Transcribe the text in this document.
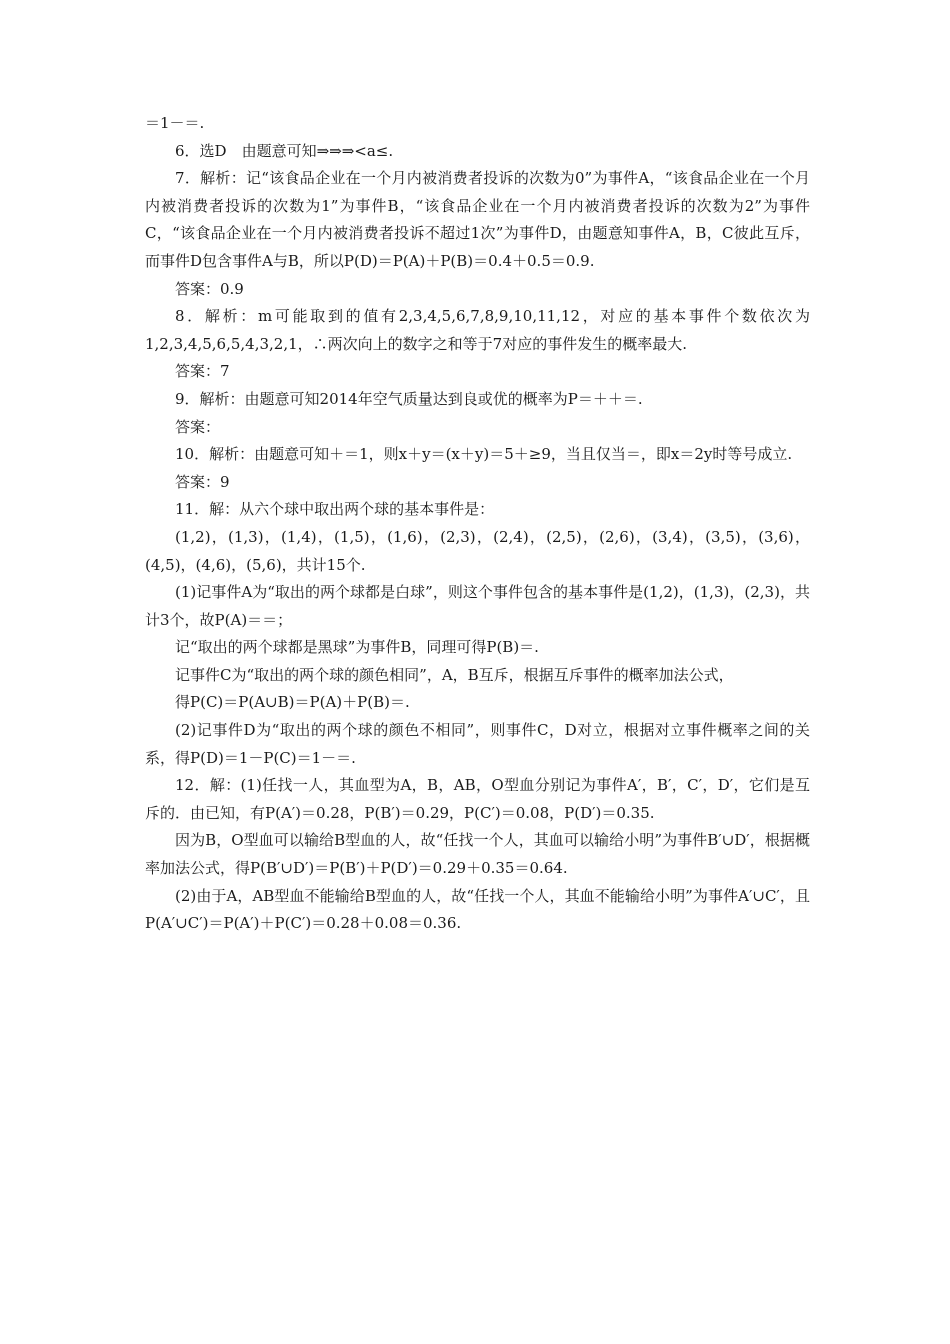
＝1－＝.

6．选D　由题意可知⇒⇒⇒<a≤.

7．解析：记“该食品企业在一个月内被消费者投诉的次数为0”为事件A，“该食品企业在一个月内被消费者投诉的次数为1”为事件B，“该食品企业在一个月内被消费者投诉的次数为2”为事件C，“该食品企业在一个月内被消费者投诉不超过1次”为事件D，由题意知事件A，B，C彼此互斥，而事件D包含事件A与B，所以P(D)＝P(A)＋P(B)＝0.4＋0.5＝0.9.

答案：0.9

8．解析：m可能取到的值有2,3,4,5,6,7,8,9,10,11,12，对应的基本事件个数依次为1,2,3,4,5,6,5,4,3,2,1，∴两次向上的数字之和等于7对应的事件发生的概率最大.

答案：7

9．解析：由题意可知2014年空气质量达到良或优的概率为P＝＋＋＝.

答案：

10．解析：由题意可知＋＝1，则x＋y＝(x＋y)＝5＋≥9，当且仅当＝，即x＝2y时等号成立.

答案：9

11．解：从六个球中取出两个球的基本事件是：

(1,2)，(1,3)，(1,4)，(1,5)，(1,6)，(2,3)，(2,4)，(2,5)，(2,6)，(3,4)，(3,5)，(3,6)，(4,5)，(4,6)，(5,6)，共计15个.

(1)记事件A为“取出的两个球都是白球”，则这个事件包含的基本事件是(1,2)，(1,3)，(2,3)，共计3个，故P(A)＝＝；

记“取出的两个球都是黑球”为事件B，同理可得P(B)＝.

记事件C为“取出的两个球的颜色相同”，A，B互斥，根据互斥事件的概率加法公式，

得P(C)＝P(A∪B)＝P(A)＋P(B)＝.

(2)记事件D为“取出的两个球的颜色不相同”，则事件C，D对立，根据对立事件概率之间的关系，得P(D)＝1－P(C)＝1－＝.

12．解：(1)任找一人，其血型为A，B，AB，O型血分别记为事件A′，B′，C′，D′，它们是互斥的．由已知，有P(A′)＝0.28，P(B′)＝0.29，P(C′)＝0.08，P(D′)＝0.35.

因为B，O型血可以输给B型血的人，故“任找一个人，其血可以输给小明”为事件B′∪D′，根据概率加法公式，得P(B′∪D′)＝P(B′)＋P(D′)＝0.29＋0.35＝0.64.

(2)由于A，AB型血不能输给B型血的人，故“任找一个人，其血不能输给小明”为事件A′∪C′，且P(A′∪C′)＝P(A′)＋P(C′)＝0.28＋0.08＝0.36.
